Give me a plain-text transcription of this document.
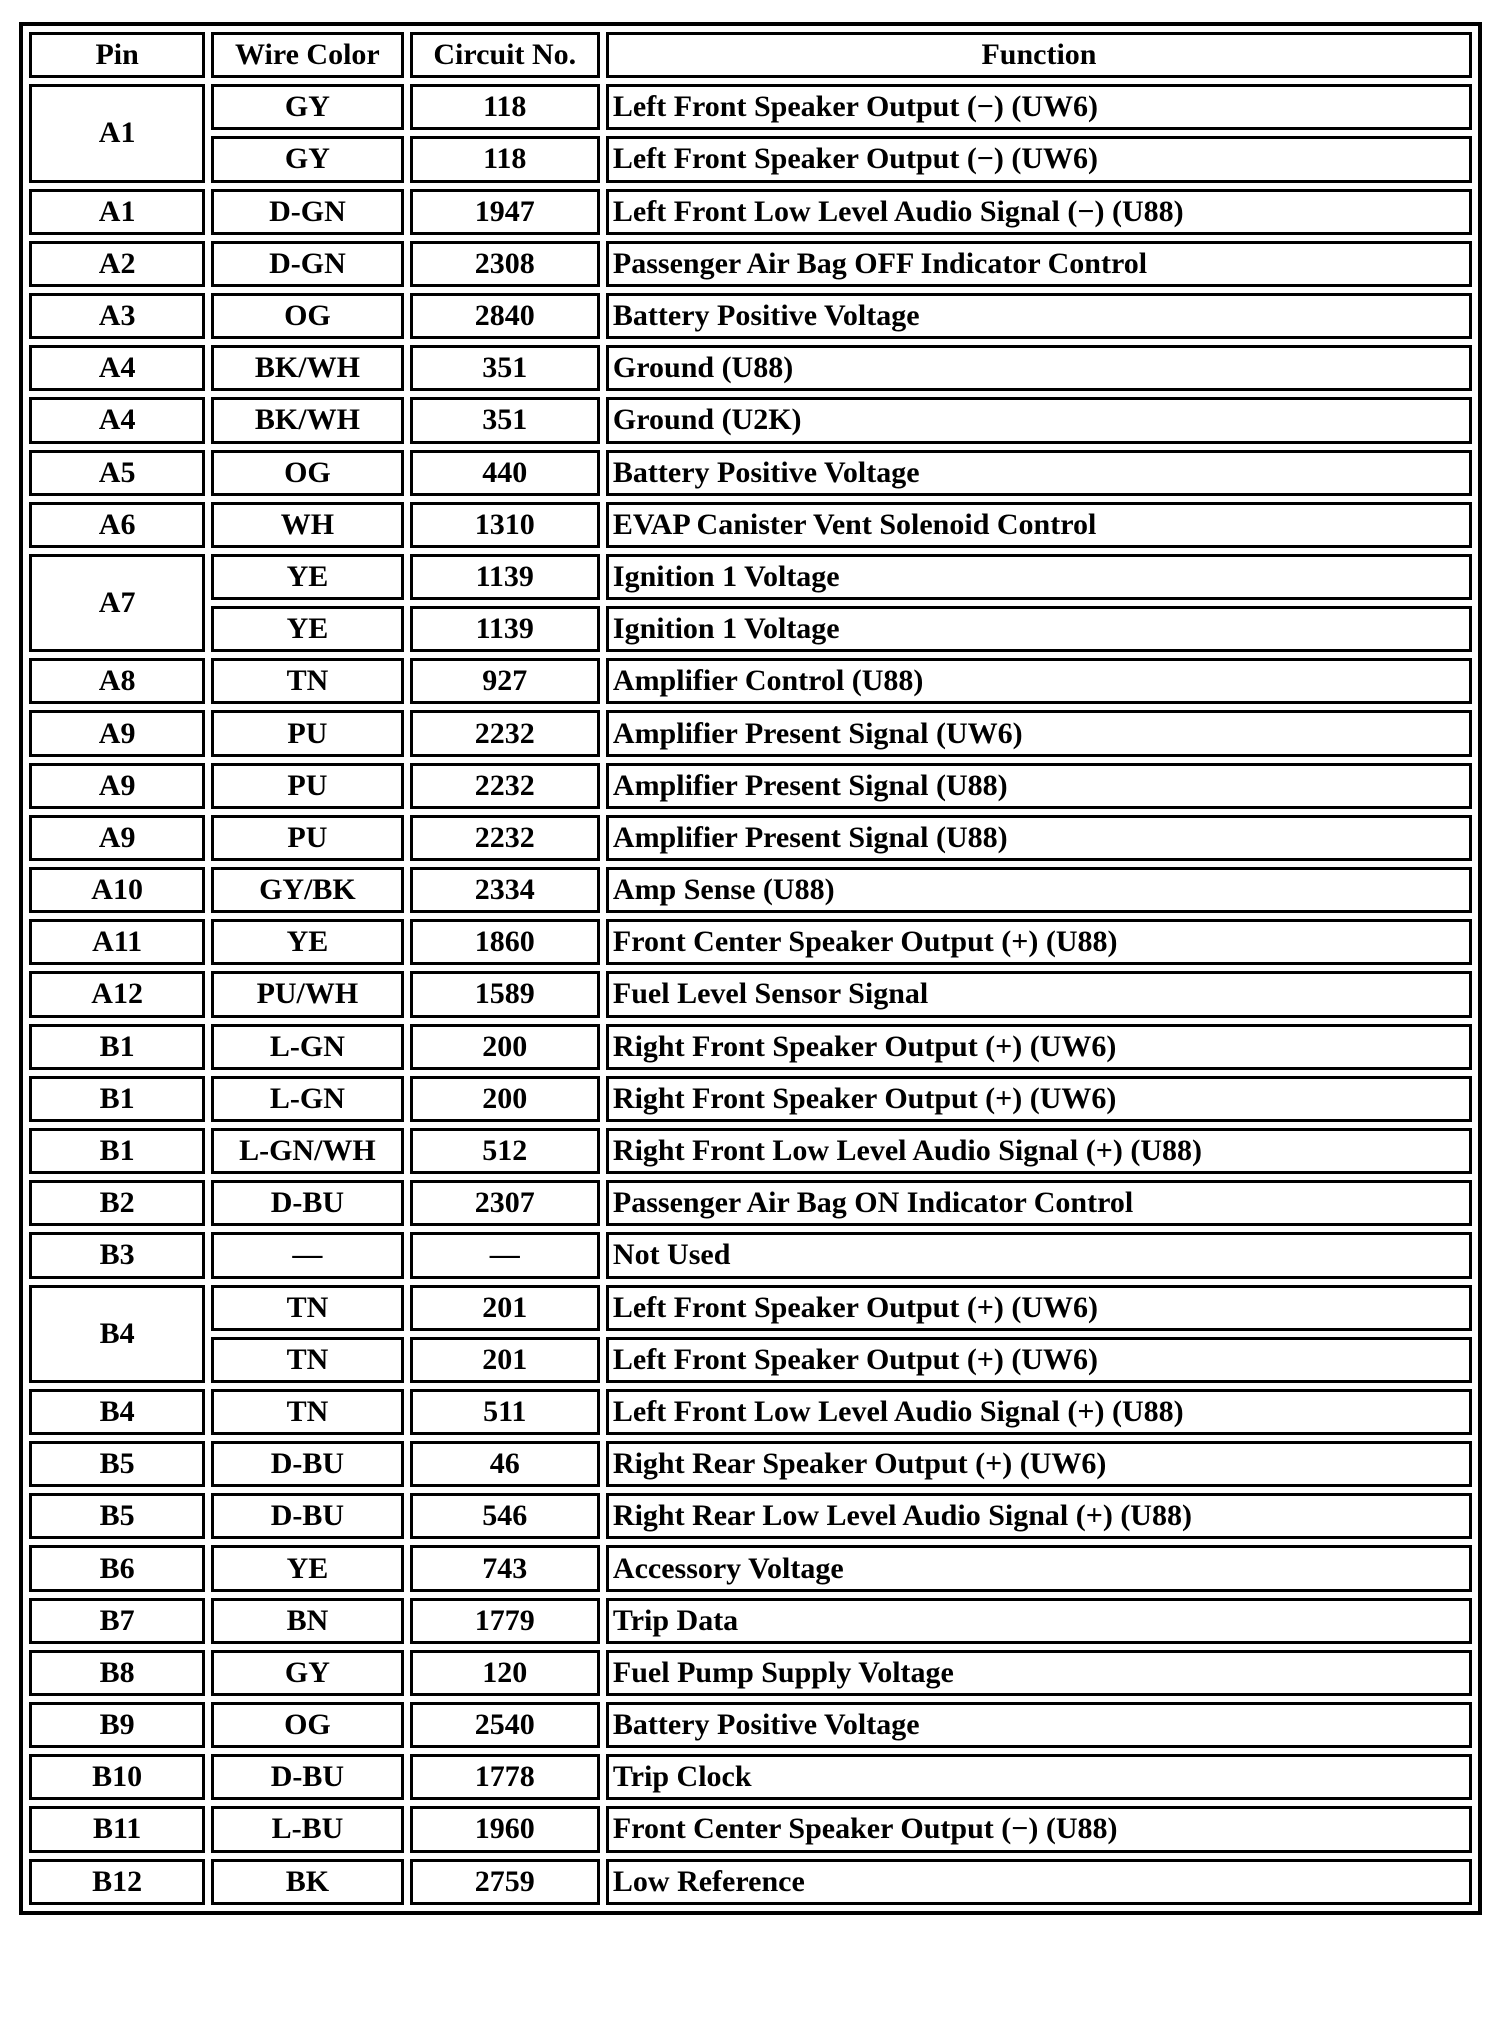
Pin	Wire Color	Circuit No.	Function
A1	GY	118	Left Front Speaker Output (−) (UW6)
	GY	118	Left Front Speaker Output (−) (UW6)
A1	D-GN	1947	Left Front Low Level Audio Signal (−) (U88)
A2	D-GN	2308	Passenger Air Bag OFF Indicator Control
A3	OG	2840	Battery Positive Voltage
A4	BK/WH	351	Ground (U88)
A4	BK/WH	351	Ground (U2K)
A5	OG	440	Battery Positive Voltage
A6	WH	1310	EVAP Canister Vent Solenoid Control
A7	YE	1139	Ignition 1 Voltage
	YE	1139	Ignition 1 Voltage
A8	TN	927	Amplifier Control (U88)
A9	PU	2232	Amplifier Present Signal (UW6)
A9	PU	2232	Amplifier Present Signal (U88)
A9	PU	2232	Amplifier Present Signal (U88)
A10	GY/BK	2334	Amp Sense (U88)
A11	YE	1860	Front Center Speaker Output (+) (U88)
A12	PU/WH	1589	Fuel Level Sensor Signal
B1	L-GN	200	Right Front Speaker Output (+) (UW6)
B1	L-GN	200	Right Front Speaker Output (+) (UW6)
B1	L-GN/WH	512	Right Front Low Level Audio Signal (+) (U88)
B2	D-BU	2307	Passenger Air Bag ON Indicator Control
B3	—	—	Not Used
B4	TN	201	Left Front Speaker Output (+) (UW6)
	TN	201	Left Front Speaker Output (+) (UW6)
B4	TN	511	Left Front Low Level Audio Signal (+) (U88)
B5	D-BU	46	Right Rear Speaker Output (+) (UW6)
B5	D-BU	546	Right Rear Low Level Audio Signal (+) (U88)
B6	YE	743	Accessory Voltage
B7	BN	1779	Trip Data
B8	GY	120	Fuel Pump Supply Voltage
B9	OG	2540	Battery Positive Voltage
B10	D-BU	1778	Trip Clock
B11	L-BU	1960	Front Center Speaker Output (−) (U88)
B12	BK	2759	Low Reference
